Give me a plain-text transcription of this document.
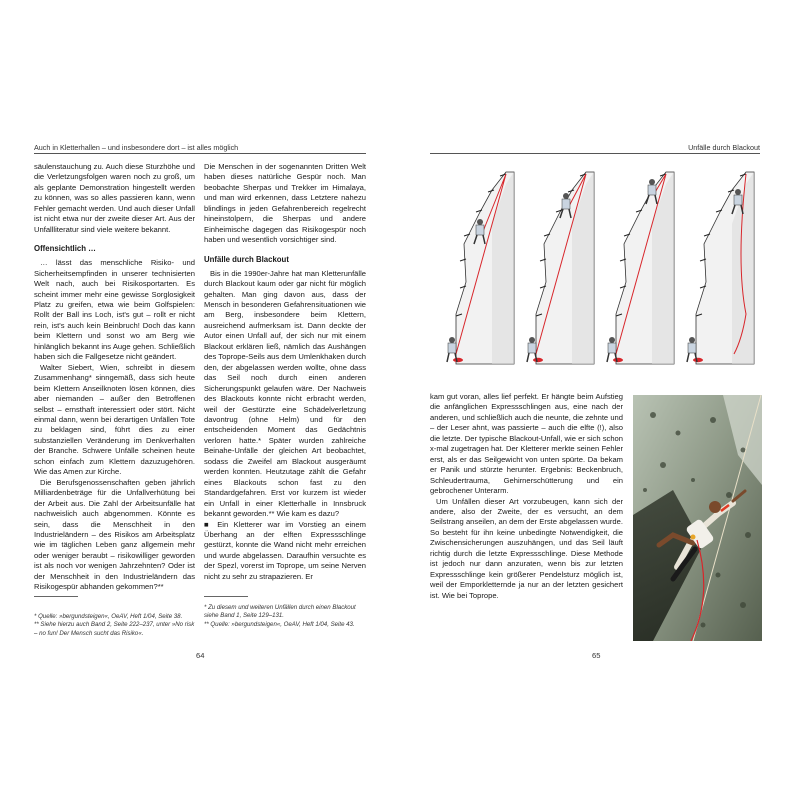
Auch in Kletterhallen – und insbesondere dort – ist alles möglich

säulenstauchung zu. Auch diese Sturzhöhe und die Verletzungsfolgen waren noch zu groß, um als geplante Demonstration hingestellt werden zu können, was so alles passieren kann, wenn Fehler gemacht werden. Und auch dieser Unfall ist nicht etwa nur der zweite dieser Art. Aus der Unfallliteratur sind viele weitere bekannt.

Offensichtlich …

… lässt das menschliche Risiko- und Sicherheitsempfinden in unserer technisierten Welt nach, auch bei Risikosportarten. Es scheint immer mehr eine gewisse Sorglosigkeit Platz zu greifen, etwa wie beim Golfspielen: Rollt der Ball ins Loch, ist's gut – rollt er nicht rein, ist's auch kein Beinbruch! Doch das kann beim Klettern und sonst wo am Berg wie hinlänglich bekannt ins Auge gehen. Schließlich haben sich die Fallgesetze nicht geändert.

Walter Siebert, Wien, schreibt in diesem Zusammenhang* sinngemäß, dass sich heute beim Klettern Anseilknoten lösen können, dies aber niemanden – außer den Betroffenen selbst – ernsthaft interessiert oder stört. Nicht einmal dann, wenn bei derartigen Unfällen Tote zu beklagen sind, führt dies zu einer substanziellen Veränderung im Denkverhalten der Branche. Schwere Unfälle scheinen heute schon einfach zum Klettern dazuzugehören. Wie das Amen zur Kirche.

Die Berufsgenossenschaften geben jährlich Milliardenbeträge für die Unfallverhütung bei der Arbeit aus. Die Zahl der Arbeitsunfälle hat nachweislich auch abgenommen. Könnte es sein, dass die Menschheit in den Industrieländern – des Risikos am Arbeitsplatz wie im täglichen Leben ganz allgemein mehr oder weniger beraubt – risikowilliger geworden ist als noch vor wenigen Jahrzehnten? Oder ist der Menschheit in den Industrieländern das Risikogespür abhanden gekommen?**

Die Menschen in der sogenannten Dritten Welt haben dieses natürliche Gespür noch. Man beobachte Sherpas und Trekker im Himalaya, und man wird erkennen, dass Letztere nahezu blindlings in jeden Gefahrenbereich regelrecht hineinstolpern, die Sherpas und andere Einheimische dagegen das Risikogespür noch haben und wesentlich vorsichtiger sind.

Unfälle durch Blackout

Bis in die 1990er-Jahre hat man Kletterunfälle durch Blackout kaum oder gar nicht für möglich gehalten. Man ging davon aus, dass der Mensch in besonderen Gefahrensituationen wie am Berg, insbesondere beim Klettern, ausreichend aufmerksam ist. Dann deckte der Autor einen Unfall auf, der sich nur mit einem Blackout erklären ließ, nämlich das Aushängen des Toprope-Seils aus dem Umlenkhaken durch den, der abgelassen werden wollte, ohne dass das Seil noch durch einen anderen Sicherungspunkt gelaufen wäre. Der Nachweis des Blackouts konnte nicht erbracht werden, weil der Gestürzte eine Schädelverletzung davontrug (ohne Helm) und für den entscheidenden Moment das Gedächtnis verloren hatte.* Später wurden zahlreiche Beinahe-Unfälle der gleichen Art beobachtet, sodass die Zweifel am Blackout ausgeräumt werden konnten. Heutzutage zählt die Gefahr eines Blackouts schon fast zu den Standardgefahren. Erst vor kurzem ist wieder ein Unfall in einer Kletterhalle in Innsbruck bekannt geworden.** Wie kam es dazu?

■ Ein Kletterer war im Vorstieg an einem Überhang an der elften Expressschlinge gestürzt, konnte die Wand nicht mehr erreichen und wurde abgelassen. Daraufhin versuchte es der Spezl, vorerst im Toprope, um seine Nerven nicht zu sehr zu strapazieren. Er

* Quelle: »bergundsteigen«, OeAV, Heft 1/04, Seite 38.

** Siehe hierzu auch Band 2, Seite 222–237, unter »No risk – no fun! Der Mensch sucht das Risiko«.

* Zu diesem und weiteren Unfällen durch einen Blackout siehe Band 1, Seite 129–131.

** Quelle: »bergundsteigen«, OeAV, Heft 1/04, Seite 43.

64
Unfälle durch Blackout

kam gut voran, alles lief perfekt. Er hängte beim Aufstieg die anfänglichen Expressschlingen aus, eine nach der anderen, und schließlich auch die neunte, die zehnte und – der Leser ahnt, was passierte – auch die elfte (!), also die letzte. Der typische Blackout-Unfall, wie er sich schon x-mal zugetragen hat. Der Kletterer merkte seinen Fehler erst, als er das Seilgewicht von unten spürte. Da bekam er Panik und stürzte herunter. Ergebnis: Beckenbruch, Schleudertrauma, Gehirnerschütterung und ein gebrochener Unterarm.

Um Unfällen dieser Art vorzubeugen, kann sich der andere, also der Zweite, der es versucht, an dem Seilstrang anseilen, an dem der Erste abgelassen wurde. So besteht für ihn keine unbedingte Notwendigkeit, die Zwischensicherungen auszuhängen, und das Seil läuft richtig durch die letzte Expressschlinge. Diese Methode ist jedoch nur dann anzuraten, wenn bis zur letzten Expressschlinge kein größerer Pendelsturz möglich ist, weil der Emporkletternde ja nur an der letzten gesichert ist. Wie bei Toprope.

65
